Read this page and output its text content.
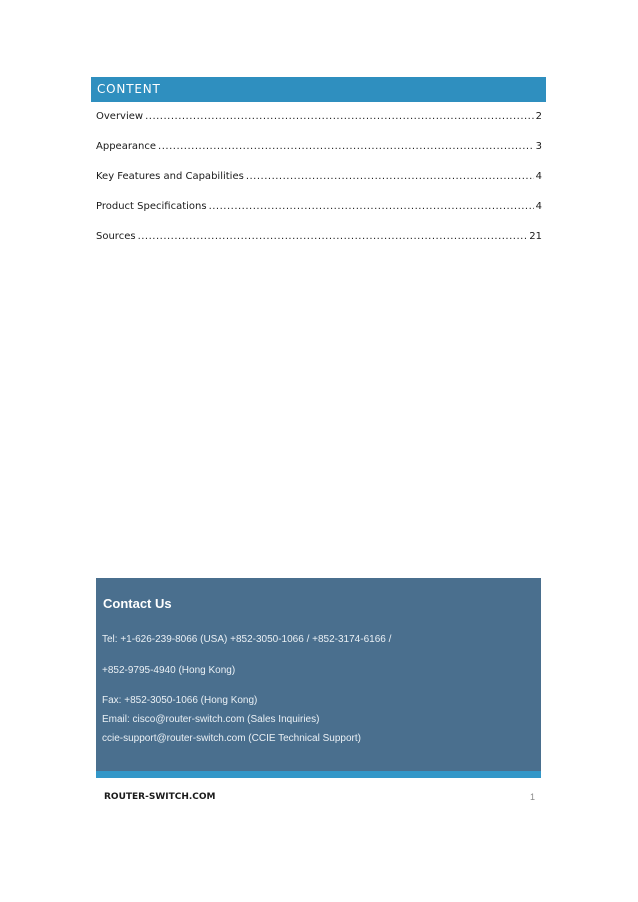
CONTENT
Overview .....	2
Appearance .....	3
Key Features and Capabilities .....	4
Product Specifications .....	4
Sources .....	21
Contact Us
Tel: +1-626-239-8066 (USA) +852-3050-1066 / +852-3174-6166 /
+852-9795-4940 (Hong Kong)
Fax: +852-3050-1066 (Hong Kong)
Email: cisco@router-switch.com (Sales Inquiries)
ccie-support@router-switch.com (CCIE Technical Support)
ROUTER-SWITCH.COM	1
